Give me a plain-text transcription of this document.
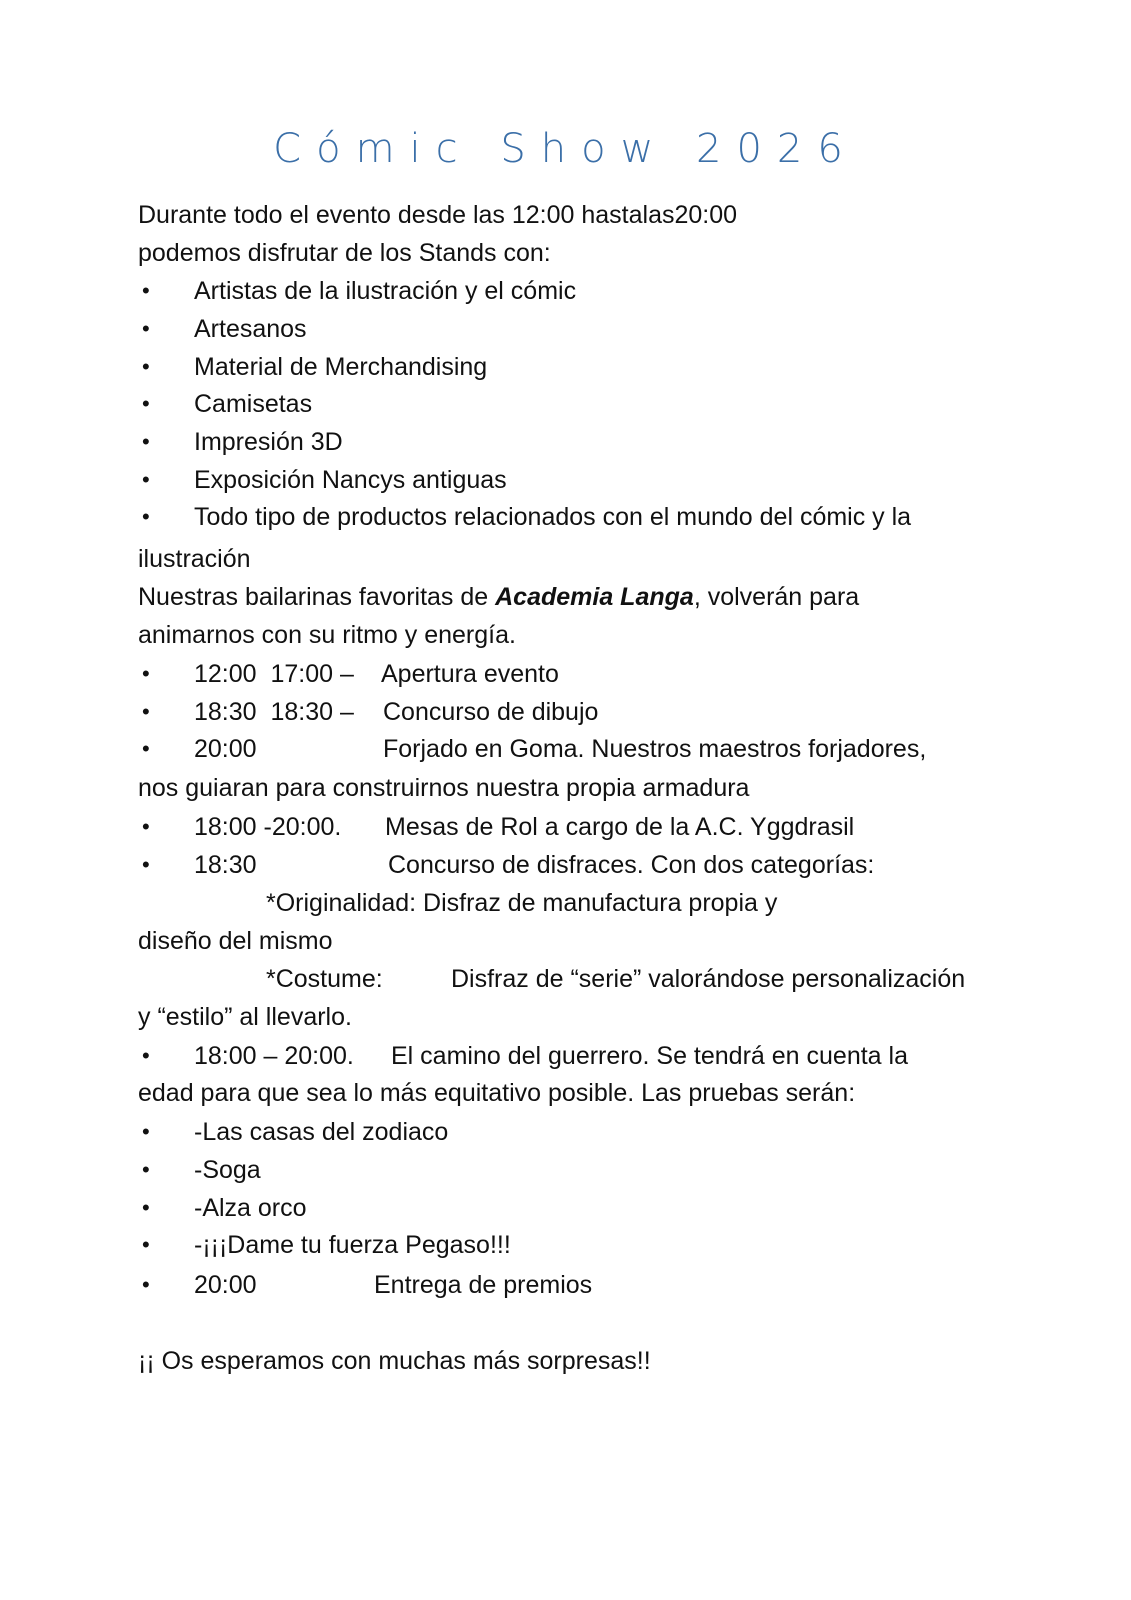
Cómic Show 2026
Durante todo el evento desde las 12:00 hastalas20:00
podemos disfrutar de los Stands con:
• Artistas de la ilustración y el cómic
• Artesanos
• Material de Merchandising
• Camisetas
• Impresión 3D
• Exposición Nancys antiguas
• Todo tipo de productos relacionados con el mundo del cómic y la
ilustración
Nuestras bailarinas favoritas de Academia Langa, volverán para
animarnos con su ritmo y energía.
• 12:00  17:00 – Apertura evento
• 18:30  18:30 – Concurso de dibujo
• 20:00	Forjado en Goma. Nuestros maestros forjadores,
nos guiaran para construirnos nuestra propia armadura
• 18:00 -20:00. Mesas de Rol a cargo de la A.C. Yggdrasil
• 18:30	Concurso de disfraces. Con dos categorías:
*Originalidad: Disfraz de manufactura propia y
diseño del mismo
*Costume:	Disfraz de “serie” valorándose personalización
y “estilo” al llevarlo.
• 18:00 – 20:00. El camino del guerrero. Se tendrá en cuenta la
edad para que sea lo más equitativo posible. Las pruebas serán:
• -Las casas del zodiaco
• -Soga
• -Alza orco
• -¡¡¡Dame tu fuerza Pegaso!!!
• 20:00	Entrega de premios
¡¡ Os esperamos con muchas más sorpresas!!
